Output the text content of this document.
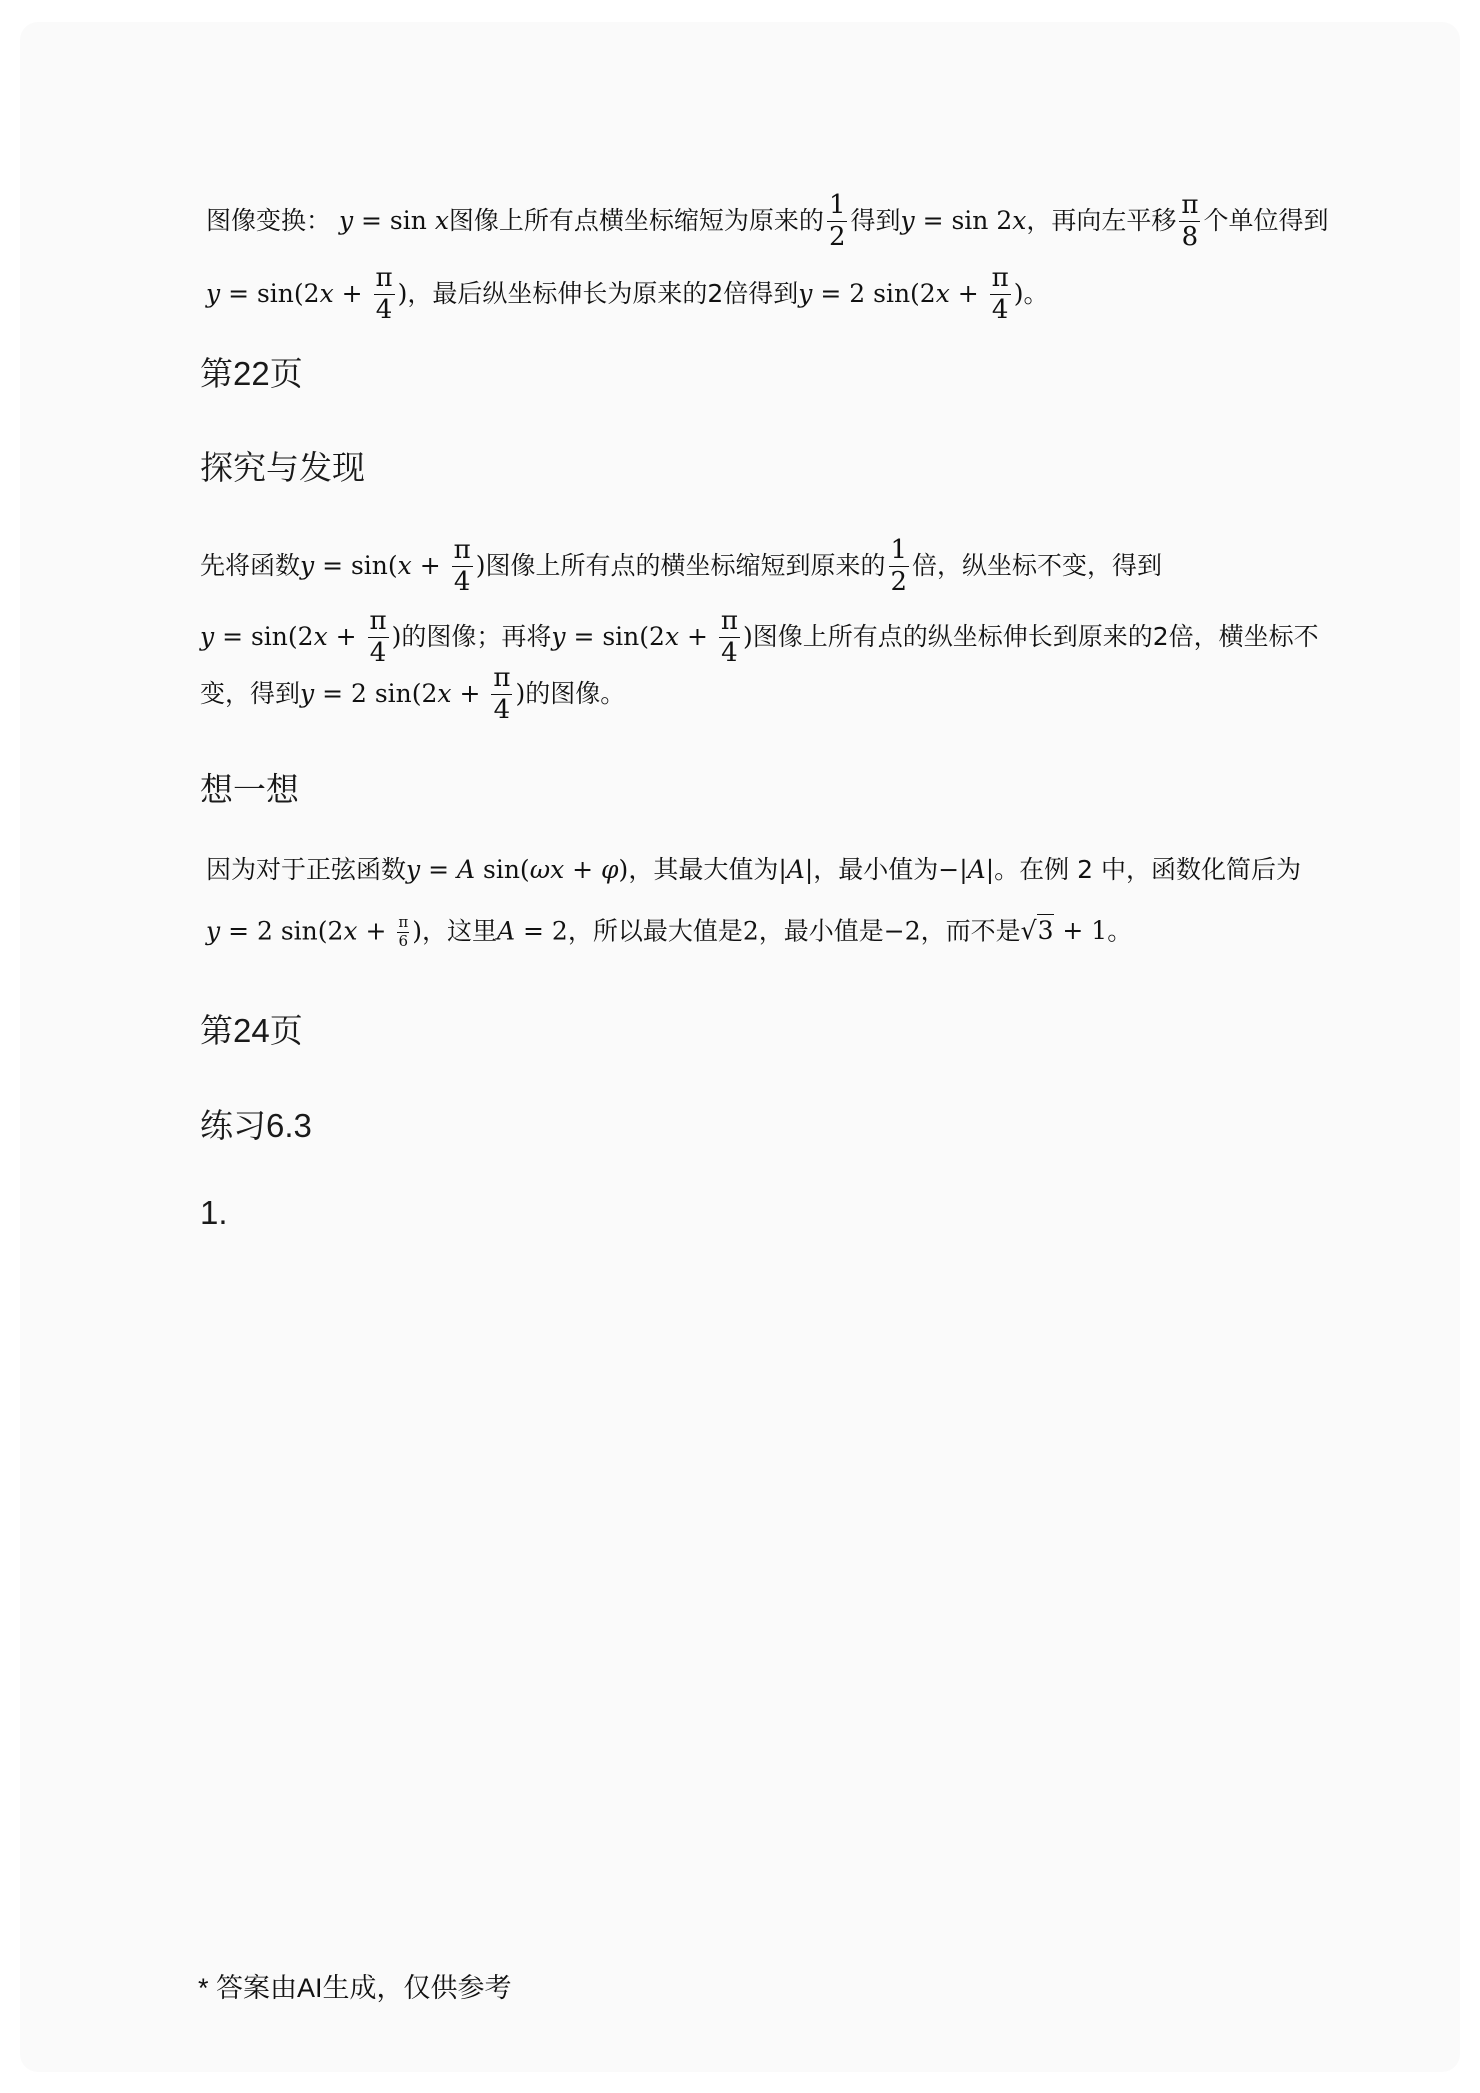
图像变换： y = sin x图像上所有点横坐标缩短为原来的 $\frac{1}{2}$ 得到y = sin 2x，再向左平移 $\frac{\pi}{8}$ 个单位得到
$y = \sin(2x + \frac{\pi}{4}$ )，最后纵坐标伸长为原来的2倍得到y = 2 $\sin(2x + \frac{\pi}{4}$ )。
第22页
探究与发现
先将函数$y = \sin(x + \frac{\pi}{4}$ )图像上所有点的横坐标缩短到原来的 $\frac{1}{2}$ 倍，纵坐标不变，得到
$y = \sin(2x + \frac{\pi}{4}$ )的图像；再将$y = \sin(2x + \frac{\pi}{4}$ )图像上所有点的纵坐标伸长到原来的2倍，横坐标不
变，得到y = 2 $\sin(2x + \frac{\pi}{4}$ )的图像。
想一想
因为对于正弦函数y = A sin(ωx + φ)，其最大值为|A|，最小值为−|A|。在例 2 中，函数化简后为
y = 2 $\sin(2x + \frac{\pi}{6}$ )，这里A = 2，所以最大值是2，最小值是−2，而不是√3 + 1。
第24页
练习6.3
1.
* 答案由AI生成，仅供参考
